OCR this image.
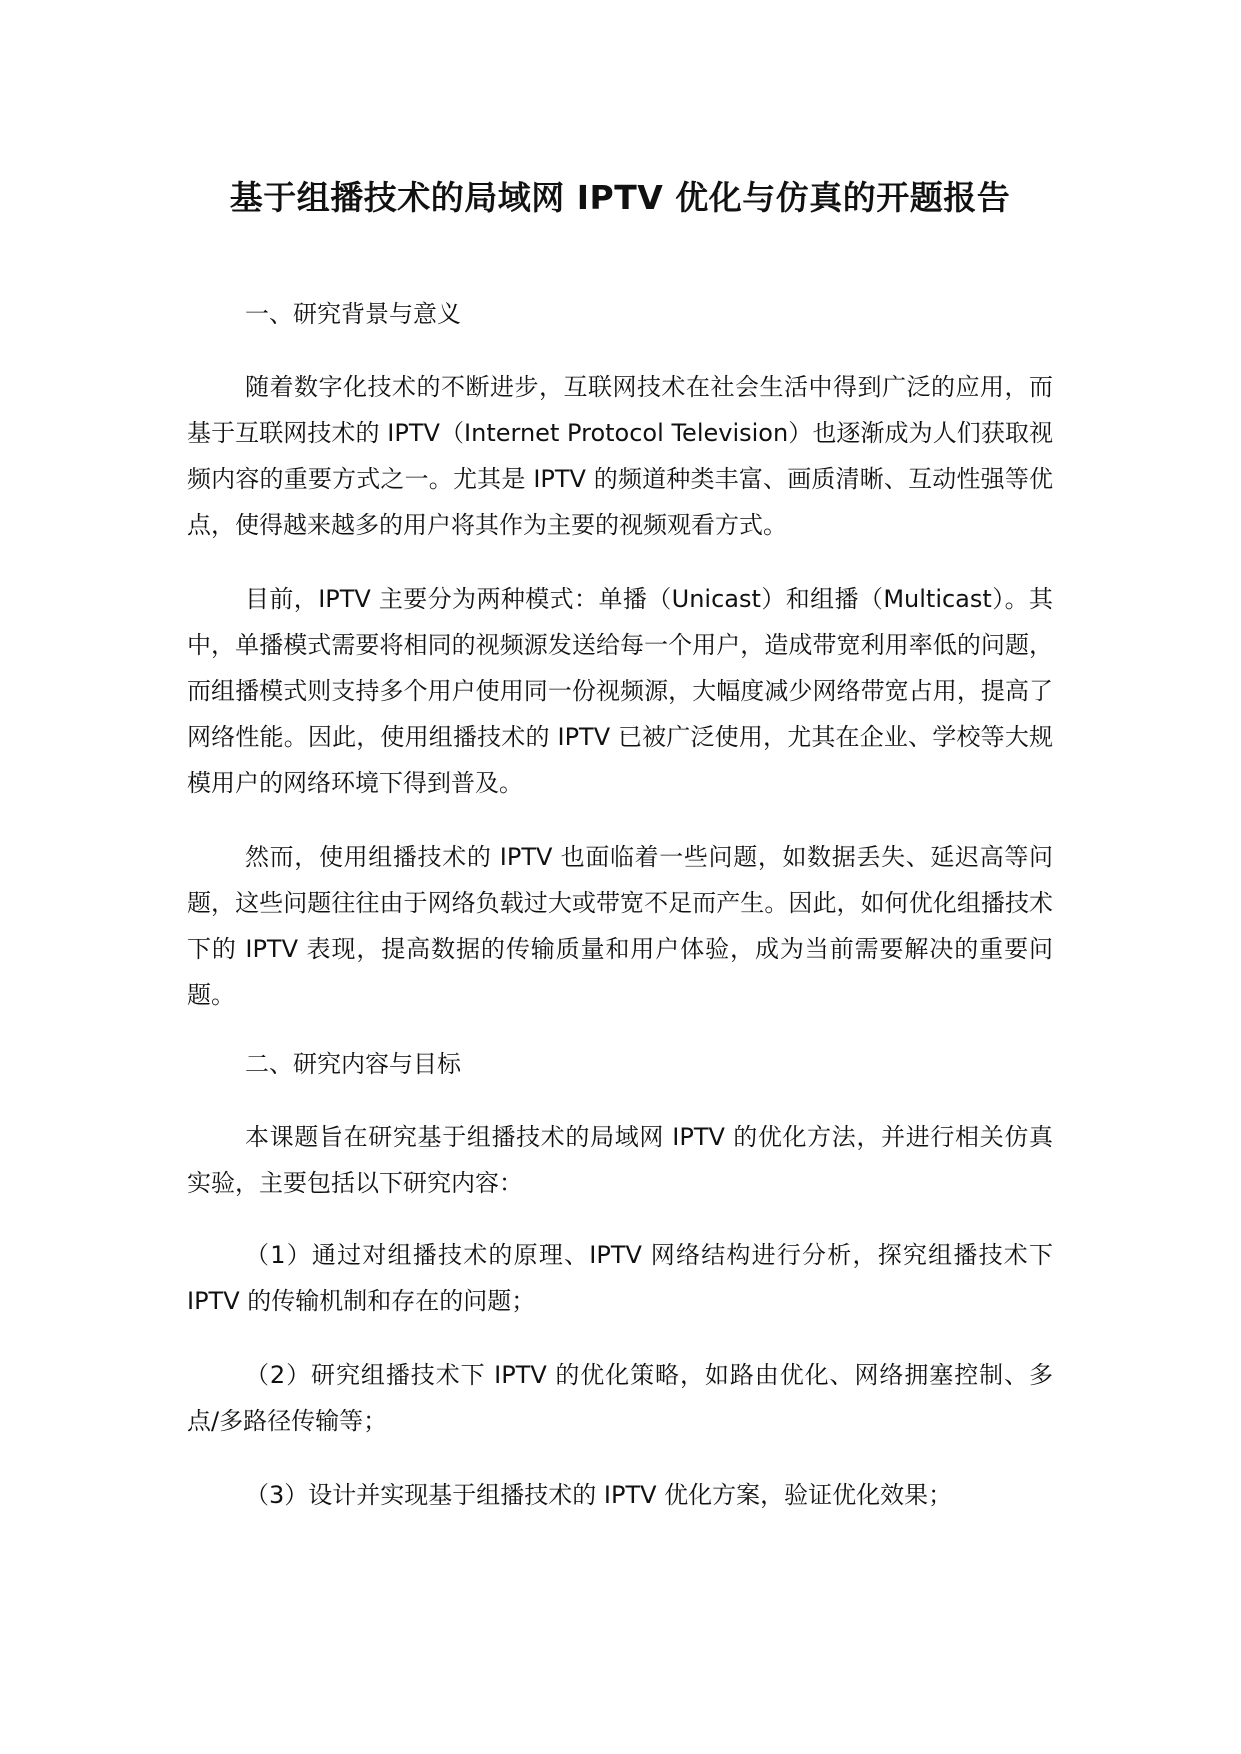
基于组播技术的局域网 IPTV 优化与仿真的开题报告

一、研究背景与意义

随着数字化技术的不断进步，互联网技术在社会生活中得到广泛的应用，而基于互联网技术的 IPTV（Internet Protocol Television）也逐渐成为人们获取视频内容的重要方式之一。尤其是 IPTV 的频道种类丰富、画质清晰、互动性强等优点，使得越来越多的用户将其作为主要的视频观看方式。

目前，IPTV 主要分为两种模式：单播（Unicast）和组播（Multicast）。其中，单播模式需要将相同的视频源发送给每一个用户，造成带宽利用率低的问题，而组播模式则支持多个用户使用同一份视频源，大幅度减少网络带宽占用，提高了网络性能。因此，使用组播技术的 IPTV 已被广泛使用，尤其在企业、学校等大规模用户的网络环境下得到普及。

然而，使用组播技术的 IPTV 也面临着一些问题，如数据丢失、延迟高等问题，这些问题往往由于网络负载过大或带宽不足而产生。因此，如何优化组播技术下的 IPTV 表现，提高数据的传输质量和用户体验，成为当前需要解决的重要问题。

二、研究内容与目标

本课题旨在研究基于组播技术的局域网 IPTV 的优化方法，并进行相关仿真实验，主要包括以下研究内容：

（1）通过对组播技术的原理、IPTV 网络结构进行分析，探究组播技术下 IPTV 的传输机制和存在的问题；

（2）研究组播技术下 IPTV 的优化策略，如路由优化、网络拥塞控制、多点/多路径传输等；

（3）设计并实现基于组播技术的 IPTV 优化方案，验证优化效果；
